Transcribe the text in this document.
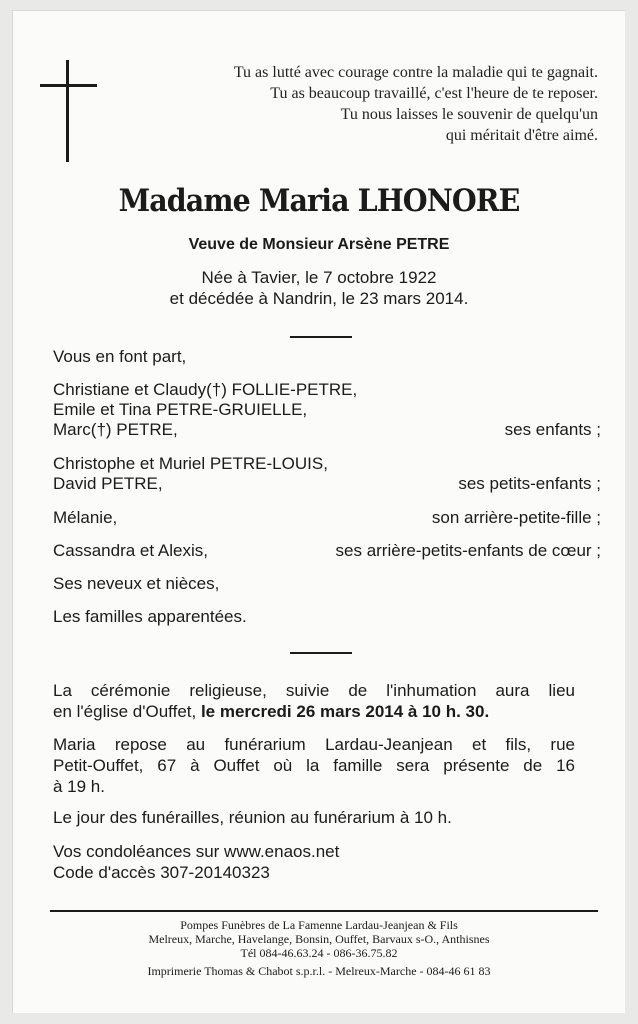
Tu as lutté avec courage contre la maladie qui te gagnait.
Tu as beaucoup travaillé, c'est l'heure de te reposer.
Tu nous laisses le souvenir de quelqu'un
qui méritait d'être aimé.
Madame Maria LHONORE
Veuve de Monsieur Arsène PETRE
Née à Tavier, le 7 octobre 1922
et décédée à Nandrin, le 23 mars 2014.
Vous en font part,
Christiane et Claudy(†) FOLLIE-PETRE,
Emile et Tina PETRE-GRUIELLE,
Marc(†) PETRE,	ses enfants ;
Christophe et Muriel PETRE-LOUIS,
David PETRE,	ses petits-enfants ;
Mélanie,	son arrière-petite-fille ;
Cassandra et Alexis,	ses arrière-petits-enfants de cœur ;
Ses neveux et nièces,
Les familles apparentées.
La cérémonie religieuse, suivie de l'inhumation aura lieu
en l'église d'Ouffet, le mercredi 26 mars 2014 à 10 h. 30.
Maria repose au funérarium Lardau-Jeanjean et fils, rue
Petit-Ouffet, 67 à Ouffet où la famille sera présente de 16
à 19 h.
Le jour des funérailles, réunion au funérarium à 10 h.
Vos condoléances sur www.enaos.net
Code d'accès 307-20140323
Pompes Funèbres de La Famenne Lardau-Jeanjean & Fils
Melreux, Marche, Havelange, Bonsin, Ouffet, Barvaux s-O., Anthisnes
Tél 084-46.63.24 - 086-36.75.82
Imprimerie Thomas & Chabot s.p.r.l. - Melreux-Marche - 084-46 61 83
